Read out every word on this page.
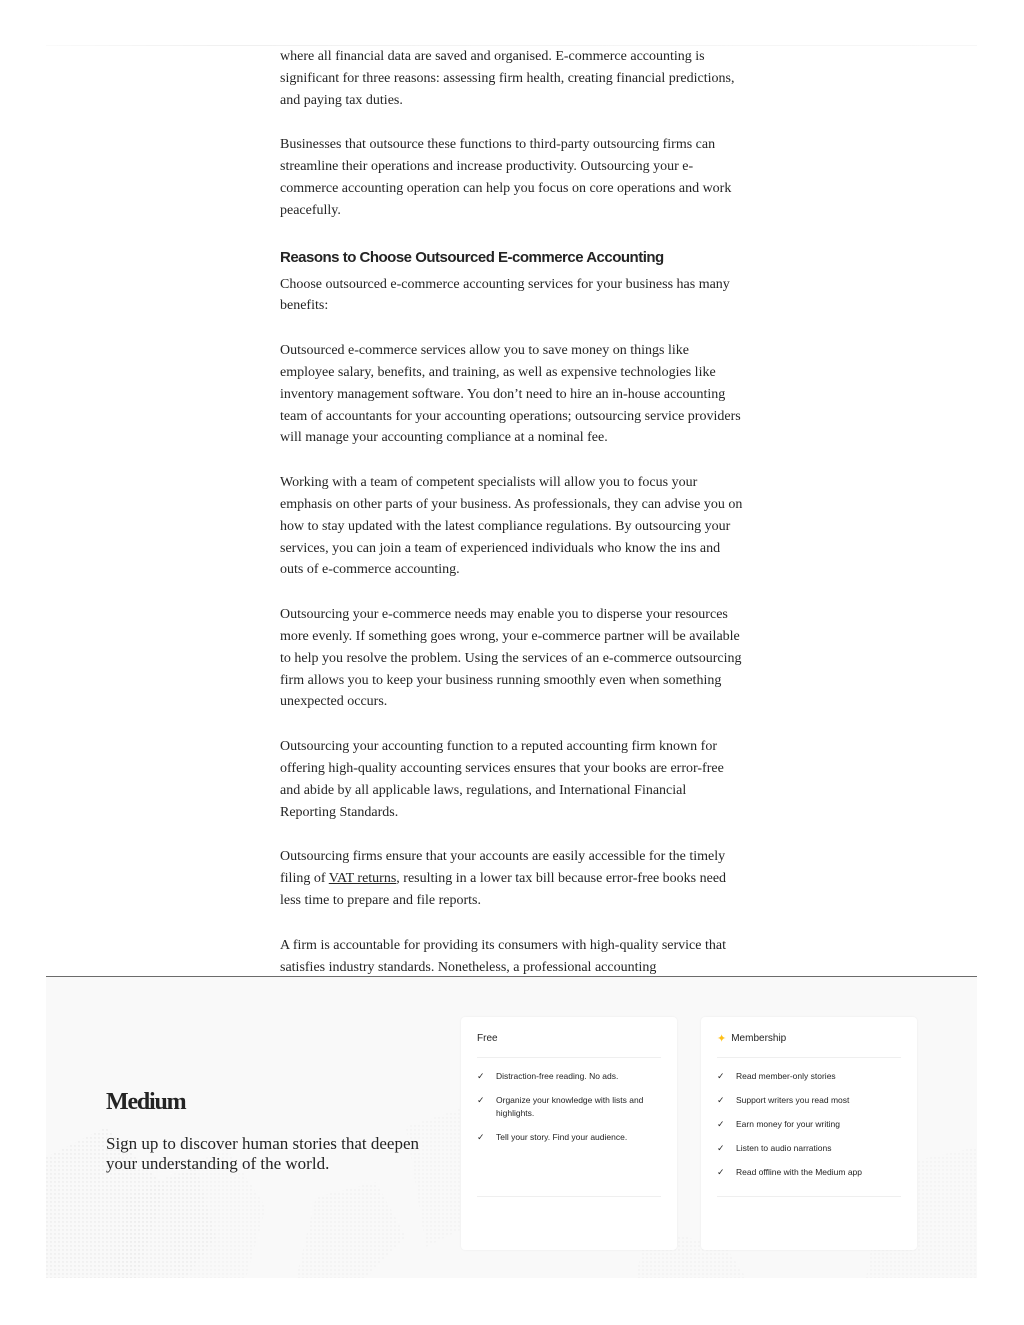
where all financial data are saved and organised. E-commerce accounting is significant for three reasons: assessing firm health, creating financial predictions, and paying tax duties.

Businesses that outsource these functions to third-party outsourcing firms can streamline their operations and increase productivity. Outsourcing your e-commerce accounting operation can help you focus on core operations and work peacefully.

Reasons to Choose Outsourced E-commerce Accounting

Choose outsourced e-commerce accounting services for your business has many benefits:

Outsourced e-commerce services allow you to save money on things like employee salary, benefits, and training, as well as expensive technologies like inventory management software. You don’t need to hire an in-house accounting team of accountants for your accounting operations; outsourcing service providers will manage your accounting compliance at a nominal fee.

Working with a team of competent specialists will allow you to focus your emphasis on other parts of your business. As professionals, they can advise you on how to stay updated with the latest compliance regulations. By outsourcing your services, you can join a team of experienced individuals who know the ins and outs of e-commerce accounting.

Outsourcing your e-commerce needs may enable you to disperse your resources more evenly. If something goes wrong, your e-commerce partner will be available to help you resolve the problem. Using the services of an e-commerce outsourcing firm allows you to keep your business running smoothly even when something unexpected occurs.

Outsourcing your accounting function to a reputed accounting firm known for offering high-quality accounting services ensures that your books are error-free and abide by all applicable laws, regulations, and International Financial Reporting Standards.

Outsourcing firms ensure that your accounts are easily accessible for the timely filing of VAT returns, resulting in a lower tax bill because error-free books need less time to prepare and file reports.

A firm is accountable for providing its consumers with high-quality service that satisfies industry standards. Nonetheless, a professional accounting

Medium
Sign up to discover human stories that deepen your understanding of the world.
Free
✓	Distraction-free reading. No ads.
✓	Organize your knowledge with lists and highlights.
✓	Tell your story. Find your audience.
✦ Membership
✓	Read member-only stories
✓	Support writers you read most
✓	Earn money for your writing
✓	Listen to audio narrations
✓	Read offline with the Medium app
